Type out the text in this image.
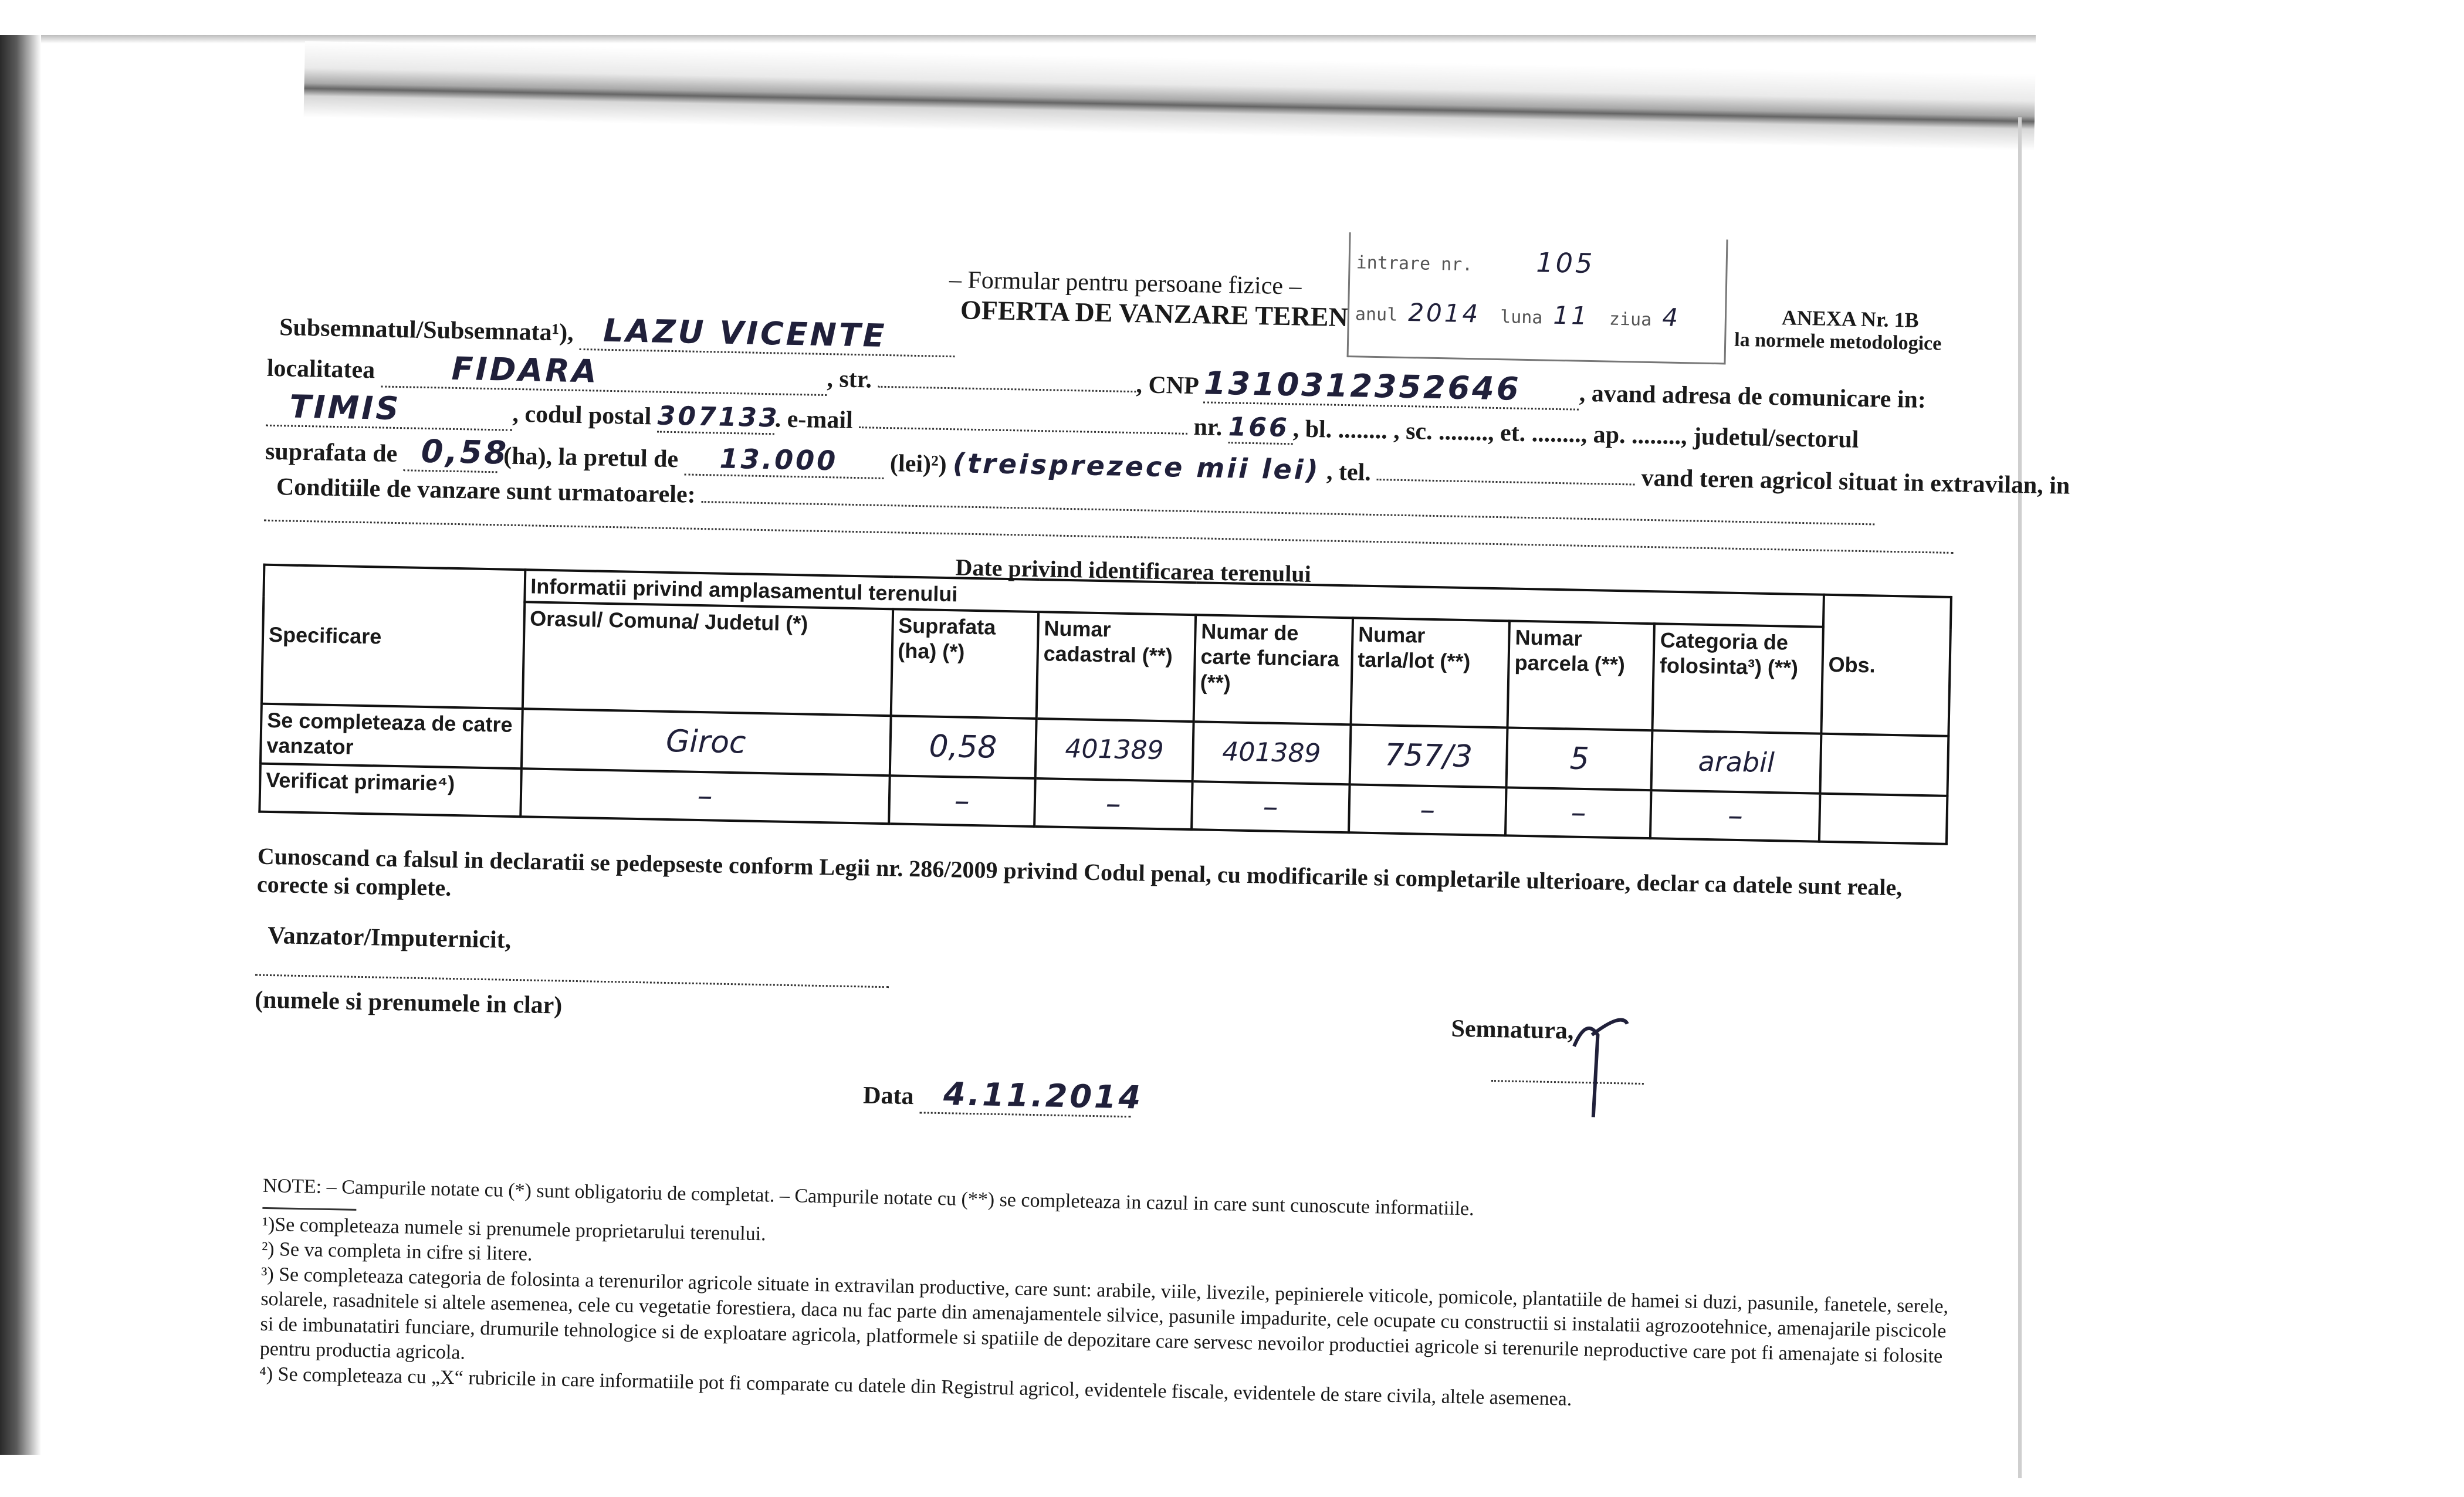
intrare nr. 105
anul 2014 luna 11 ziua 4
– Formular pentru persoane fizice –
OFERTA DE VANZARE TEREN	ANEXA Nr. 1B
la normele metodologice
Subsemnatul/Subsemnata¹), LAZU VICENTE
localitatea FIDARA	, str.	, CNP 1310312352646 , avand adresa de comunicare in:
TIMIS	, codul postal 307133. e-mail	nr. 166 , bl. ........ , sc. ........, et. ........, ap. ........, judetul/sectorul
suprafata de 0,58 (ha), la pretul de 13.000 (lei)²) (treisprezece mii lei) , tel.	vand teren agricol situat in extravilan, in
Conditiile de vanzare sunt urmatoarele:
Date privind identificarea terenului
Specificare	Informatii privind amplasamentul terenului							Obs.
	Orasul/ Comuna/ Judetul (*)	Suprafata (ha) (*)	Numar cadastral (**)	Numar de carte funciara (**)	Numar tarla/lot (**)	Numar parcela (**)	Categoria de folosinta³) (**)	
Se completeaza de catre vanzator	Giroc	0,58	401389	401389	757/3	5	arabil	
Verificat primarie⁴)	–	–	–	–	–	–	–	
Cunoscand ca falsul in declaratii se pedepseste conform Legii nr. 286/2009 privind Codul penal, cu modificarile si completarile ulterioare, declar ca datele sunt reale, corecte si complete.
Vanzator/Imputernicit,
(numele si prenumele in clar)
Semnatura,
Data 4.11.2014

NOTE: – Campurile notate cu (*) sunt obligatoriu de completat. – Campurile notate cu (**) se completeaza in cazul in care sunt cunoscute informatiile.

¹)Se completeaza numele si prenumele proprietarului terenului.

²) Se va completa in cifre si litere.

³) Se completeaza categoria de folosinta a terenurilor agricole situate in extravilan productive, care sunt: arabile, viile, livezile, pepinierele viticole, pomicole, plantatiile de hamei si duzi, pasunile, fanetele, serele, solarele, rasadnitele si altele asemenea, cele cu vegetatie forestiera, daca nu fac parte din amenajamentele silvice, pasunile impadurite, cele ocupate cu constructii si instalatii agrozootehnice, amenajarile piscicole si de imbunatatiri funciare, drumurile tehnologice si de exploatare agricola, platformele si spatiile de depozitare care servesc nevoilor productiei agricole si terenurile neproductive care pot fi amenajate si folosite pentru productia agricola.

⁴) Se completeaza cu „X“ rubricile in care informatiile pot fi comparate cu datele din Registrul agricol, evidentele fiscale, evidentele de stare civila, altele asemenea.
